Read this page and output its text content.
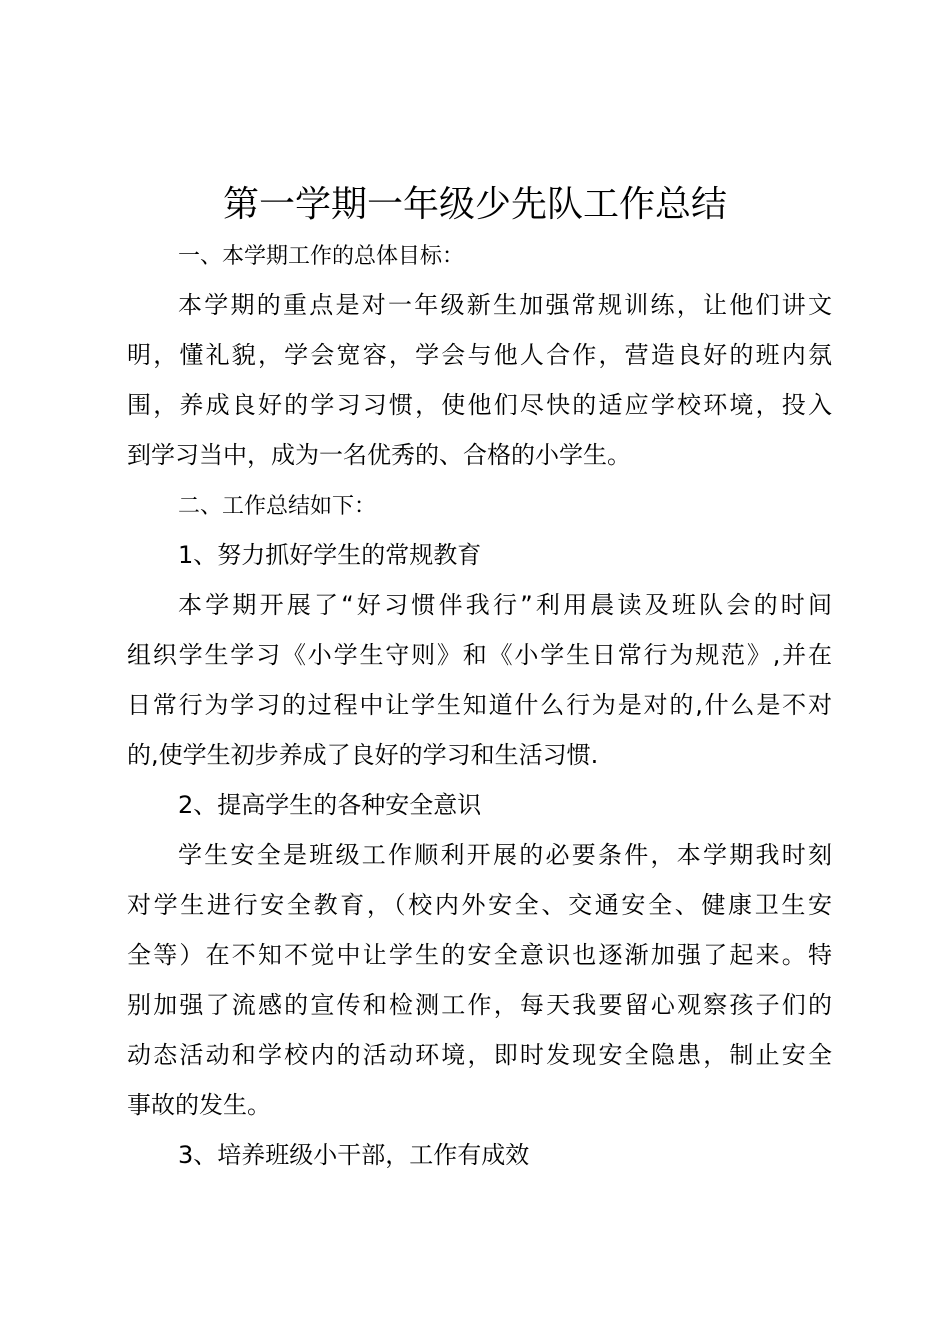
第一学期一年级少先队工作总结

一、本学期工作的总体目标：

本学期的重点是对一年级新生加强常规训练，让他们讲文

明，懂礼貌，学会宽容，学会与他人合作，营造良好的班内氛

围，养成良好的学习习惯，使他们尽快的适应学校环境，投入

到学习当中，成为一名优秀的、合格的小学生。

二、工作总结如下：

1、努力抓好学生的常规教育

本学期开展了“好习惯伴我行”利用晨读及班队会的时间

组织学生学习《小学生守则》和《小学生日常行为规范》,并在

日常行为学习的过程中让学生知道什么行为是对的,什么是不对

的,使学生初步养成了良好的学习和生活习惯.

2、提高学生的各种安全意识

学生安全是班级工作顺利开展的必要条件，本学期我时刻

对学生进行安全教育，（校内外安全、交通安全、健康卫生安

全等）在不知不觉中让学生的安全意识也逐渐加强了起来。特

别加强了流感的宣传和检测工作，每天我要留心观察孩子们的

动态活动和学校内的活动环境，即时发现安全隐患，制止安全

事故的发生。

3、培养班级小干部，工作有成效
